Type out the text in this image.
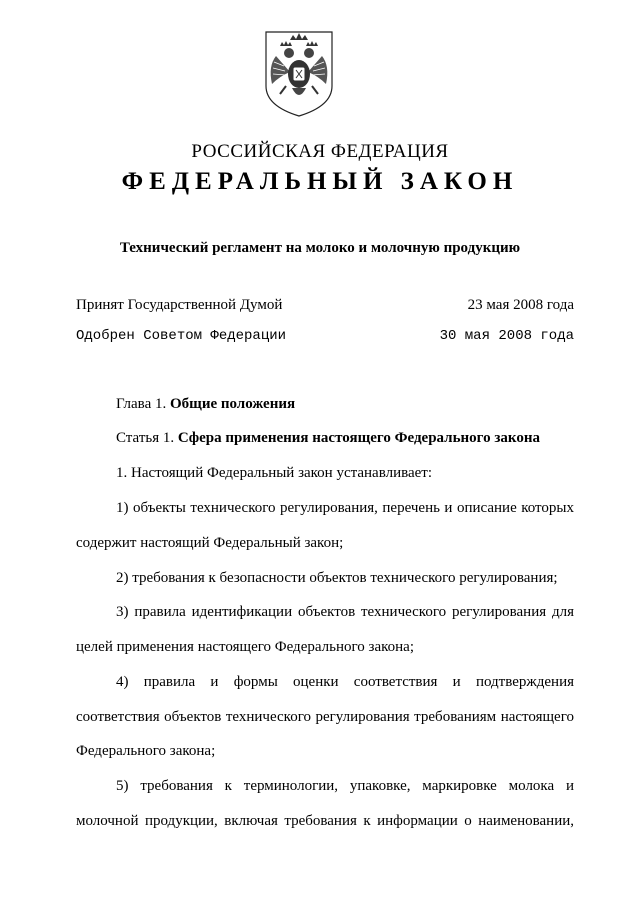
РОССИЙСКАЯ ФЕДЕРАЦИЯ
ФЕДЕРАЛЬНЫЙ ЗАКОН
Технический регламент на молоко и молочную продукцию
Принят Государственной Думой	23 мая 2008 года
Одобрен Советом Федерации	30 мая 2008 года
Глава 1. Общие положения
Статья 1. Сфера применения настоящего Федерального закона
1. Настоящий Федеральный закон устанавливает:
1) объекты технического регулирования, перечень и описание которых
содержит настоящий Федеральный закон;
2) требования к безопасности объектов технического регулирования;
3) правила идентификации объектов технического регулирования для
целей применения настоящего Федерального закона;
4) правила и формы оценки соответствия и подтверждения
соответствия объектов технического регулирования требованиям настоящего
Федерального закона;
5) требования к терминологии, упаковке, маркировке молока и
молочной продукции, включая требования к информации о наименовании,
